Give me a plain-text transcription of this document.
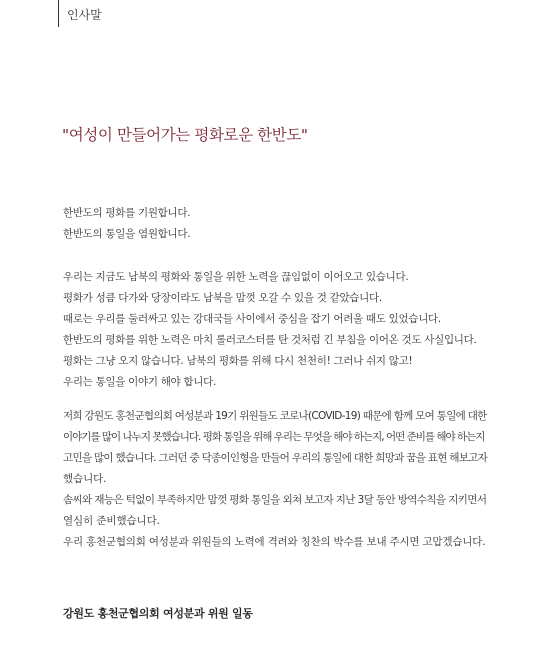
인사말
"여성이 만들어가는 평화로운 한반도"
한반도의 평화를 기원합니다.
한반도의 통일을 염원합니다.
우리는 지금도 남북의 평화와 통일을 위한 노력을 끊임없이 이어오고 있습니다.
평화가 성큼 다가와 당장이라도 남북을 맘껏 오갈 수 있을 것 같았습니다.
때로는 우리를 둘러싸고 있는 강대국들 사이에서 중심을 잡기 어려울 때도 있었습니다.
한반도의 평화를 위한 노력은 마치 롤러코스터를 탄 것처럼 긴 부침을 이어온 것도 사실입니다.
평화는 그냥 오지 않습니다. 남북의 평화를 위해 다시 천천히! 그러나 쉬지 않고!
우리는 통일을 이야기 해야 합니다.
저희 강원도 홍천군협의회 여성분과 19기 위원들도 코로나(COVID-19) 때문에 함께 모여 통일에 대한
이야기를 많이 나누지 못했습니다. 평화 통일을 위해 우리는 무엇을 해야 하는지, 어떤 준비를 해야 하는지
고민을 많이 했습니다. 그러던 중 닥종이인형을 만들어 우리의 통일에 대한 희망과 꿈을 표현 해보고자
했습니다.
솜씨와 재능은 턱없이 부족하지만 맘껏 평화 통일을 외쳐 보고자 지난 3달 동안 방역수칙을 지키면서
열심히 준비했습니다.
우리 홍천군협의회 여성분과 위원들의 노력에 격려와 칭찬의 박수를 보내 주시면 고맙겠습니다.

강원도 홍천군협의회 여성분과 위원 일동
